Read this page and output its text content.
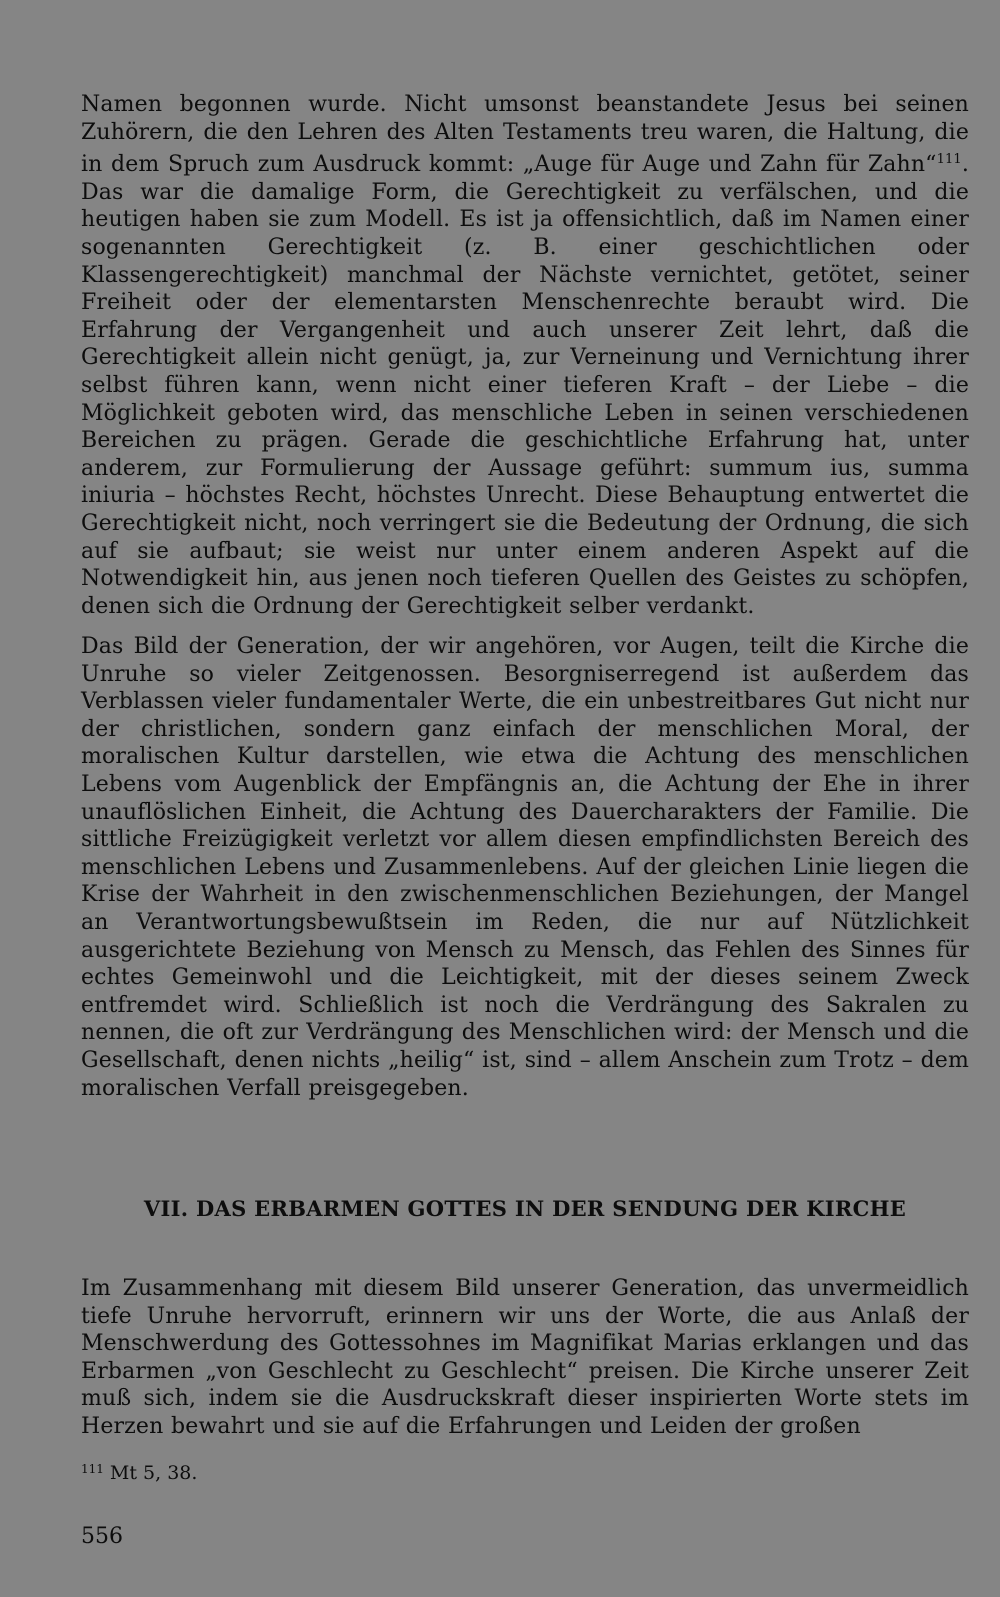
Namen begonnen wurde. Nicht umsonst beanstandete Jesus bei seinen Zuhörern, die den Lehren des Alten Testaments treu waren, die Haltung, die in dem Spruch zum Ausdruck kommt: „Auge für Auge und Zahn für Zahn“$^{111}$. Das war die damalige Form, die Gerechtigkeit zu verfälschen, und die heutigen haben sie zum Modell. Es ist ja offensichtlich, daß im Namen einer sogenannten Gerechtigkeit (z. B. einer geschichtlichen oder Klassengerechtigkeit) manchmal der Nächste vernichtet, getötet, seiner Freiheit oder der elementarsten Menschenrechte beraubt wird. Die Erfahrung der Vergangenheit und auch unserer Zeit lehrt, daß die Gerechtigkeit allein nicht genügt, ja, zur Verneinung und Vernichtung ihrer selbst führen kann, wenn nicht einer tieferen Kraft – der Liebe – die Möglichkeit geboten wird, das menschliche Leben in seinen verschiedenen Bereichen zu prägen. Gerade die geschichtliche Erfahrung hat, unter anderem, zur Formulierung der Aussage geführt: summum ius, summa iniuria – höchstes Recht, höchstes Unrecht. Diese Behauptung entwertet die Gerechtigkeit nicht, noch verringert sie die Bedeutung der Ordnung, die sich auf sie aufbaut; sie weist nur unter einem anderen Aspekt auf die Notwendigkeit hin, aus jenen noch tieferen Quellen des Geistes zu schöpfen, denen sich die Ordnung der Gerechtigkeit selber verdankt.

Das Bild der Generation, der wir angehören, vor Augen, teilt die Kirche die Unruhe so vieler Zeitgenossen. Besorgniserregend ist außerdem das Verblassen vieler fundamentaler Werte, die ein unbestreitbares Gut nicht nur der christlichen, sondern ganz einfach der menschlichen Moral, der moralischen Kultur darstellen, wie etwa die Achtung des menschlichen Lebens vom Augenblick der Empfängnis an, die Achtung der Ehe in ihrer unauflöslichen Einheit, die Achtung des Dauercharakters der Familie. Die sittliche Freizügigkeit verletzt vor allem diesen empfindlichsten Bereich des menschlichen Lebens und Zusammenlebens. Auf der gleichen Linie liegen die Krise der Wahrheit in den zwischenmenschlichen Beziehungen, der Mangel an Verantwortungsbewußtsein im Reden, die nur auf Nützlichkeit ausgerichtete Beziehung von Mensch zu Mensch, das Fehlen des Sinnes für echtes Gemeinwohl und die Leichtigkeit, mit der dieses seinem Zweck entfremdet wird. Schließlich ist noch die Verdrängung des Sakralen zu nennen, die oft zur Verdrängung des Menschlichen wird: der Mensch und die Gesellschaft, denen nichts „heilig“ ist, sind – allem Anschein zum Trotz – dem moralischen Verfall preisgegeben.

VII. DAS ERBARMEN GOTTES IN DER SENDUNG DER KIRCHE

Im Zusammenhang mit diesem Bild unserer Generation, das unvermeidlich tiefe Unruhe hervorruft, erinnern wir uns der Worte, die aus Anlaß der Menschwerdung des Gottessohnes im Magnifikat Marias erklangen und das Erbarmen „von Geschlecht zu Geschlecht“ preisen. Die Kirche unserer Zeit muß sich, indem sie die Ausdruckskraft dieser inspirierten Worte stets im Herzen bewahrt und sie auf die Erfahrungen und Leiden der großen

$^{111}$ Mt 5, 38.

556
